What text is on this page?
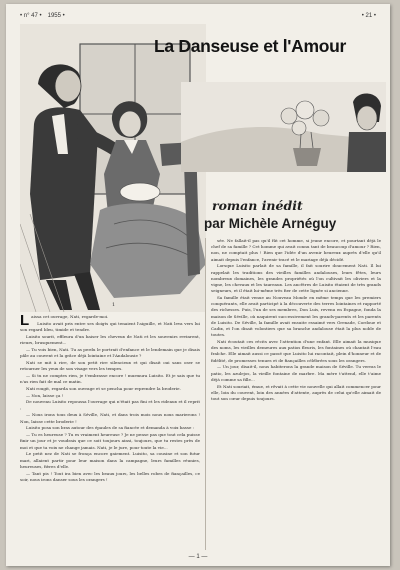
• n° 47 • 1955 •	• 21 •
La Danseuse et l'Amour
roman inédit
par Michèle Arnéguy
1
L aissa cet ouvrage, Nati, regarde-moi.

Luisito avait pris entre ses doigts qui tenaient l'aiguille, et Nati leva vers lui son regard bleu, timide et tendre.

Luisito sourit, effleura d'un baiser les cheveux de Nati et les souvenirs revinrent, rieurs, brusquement...

— Tu vois bien, Nati. Tu as perdu le portrait d'enfance et le lendemain que je disais pâle au couvent et la grâce déjà lointaine et l'Andalousie ?

Nati se mit à rire, de son petit rire silencieux et qui disait oui sans oser se retourner les yeux de son visage vers les tempes.

— Si tu ne comptes rien, je t'embrasse encore ! murmura Luisito. Et je sais que tu n'as rien fait de mal ce matin.

Nati rougit, regarda son ouvrage et se pencha pour reprendre la broderie.

— Non, laisse ça !

De nouveau Luisito repoussa l'ouvrage qui n'était pas fini et les rideaux et il reprit :

— Nous irons tous deux à Séville, Nati, et dans trois mois nous nous marierons ! Non, laisse cette broderie !

Luisito posa son bras autour des épaules de sa fiancée et demanda à voix basse :

— Tu es heureuse ? Tu es vraiment heureuse ? Je ne pense pas que tout cela puisse finir un jour et je voudrais que ce soit toujours ainsi, toujours, que tu restes près de moi et que ta voix ne change jamais. Nati, je le jure, pour toute la vie...

Le petit nez de Nati se fronça encore gaiement. Luisito, sa cousine et son futur mari, allaient partir pour leur maison dans la campagne, leurs familles réunies, heureuses, fières d'elle.

— Tant pis ! Tout ira bien avec les beaux jours, les belles robes de fiançailles, ce soir, nous irons danser sous les orangers !

sée. Ne fallait-il pas qu'il fût cet homme, si jeune encore, et pourtant déjà le chef de sa famille ? Cet homme qui avait connu tant de beaucoup d'amour ? Rien, non, ne comptait plus ! Rien que l'idée d'un avenir heureux auprès d'elle qu'il aimait depuis l'enfance, l'avenir tracé et le mariage déjà décidé.

Lorsque Luisito parlait de sa famille, il fait sourire doucement Nati. Il lui rappelait les traditions des vieilles familles andalouses, leurs fêtes, leurs nombreux domaines, les grandes propriétés où l'on cultivait les oliviers et la vigne, les chevaux et les taureaux. Les ancêtres de Luisito étaient de très grands seigneurs, et il était lui-même très fier de cette lignée si ancienne.

Sa famille était venue au Nouveau Monde en même temps que les premiers conquérants, elle avait participé à la découverte des terres lointaines et rapporté des richesses. Puis, l'un de ses membres, Don Luis, revenu en Espagne, fonda la maison de Séville, où naquirent successivement les grands-parents et les parents de Luisito. De Séville, la famille avait ensuite essaimé vers Grenade, Cordoue et Cadix, et l'on disait volontiers que sa branche andalouse était la plus noble de toutes.

Nati écoutait ces récits avec l'attention d'une enfant. Elle aimait la musique des noms, les vieilles demeures aux patios fleuris, les fontaines où chantait l'eau fraîche. Elle aimait aussi ce passé que Luisito lui racontait, plein d'honneur et de fidélité, de promesses tenues et de fiançailles célébrées sous les orangers.

— Un jour, disait-il, nous habiterons la grande maison de Séville. Tu verras le patio, les azulejos, la vieille fontaine de marbre. Ma mère t'attend, elle t'aime déjà comme sa fille...

Et Nati souriait, émue, et rêvait à cette vie nouvelle qui allait commencer pour elle, loin du couvent, loin des années d'attente, auprès de celui qu'elle aimait de tout son cœur depuis toujours.

— 1 —
